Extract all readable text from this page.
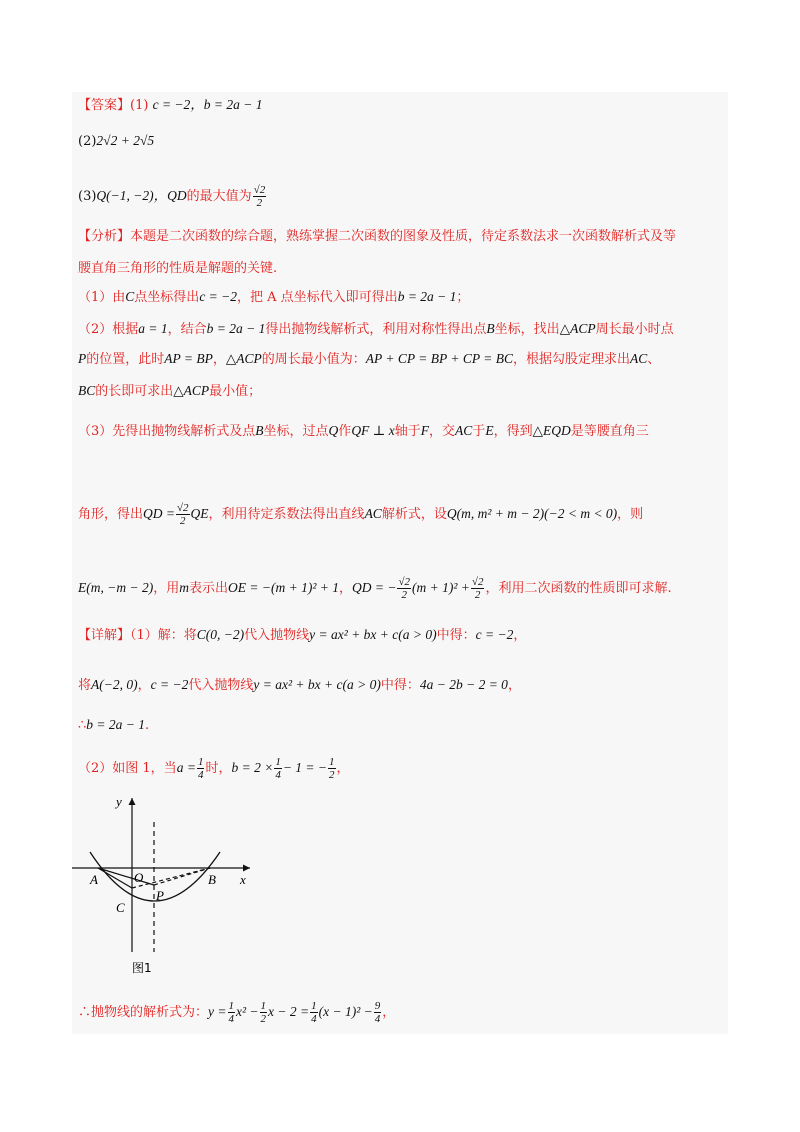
【答案】(1) c = −2，b = 2a − 1
(2)2√2 + 2√5
(3)Q(−1, −2)，QD的最大值为 $\frac{√2}{2}$
【分析】本题是二次函数的综合题，熟练掌握二次函数的图象及性质，待定系数法求一次函数解析式及等
腰直角三角形的性质是解题的关键.
（1）由C点坐标得出c = −2，把 A 点坐标代入即可得出b = 2a − 1；
（2）根据a = 1，结合b = 2a − 1得出抛物线解析式，利用对称性得出点B坐标，找出△ACP周长最小时点
P的位置，此时AP = BP，△ACP的周长最小值为：AP + CP = BP + CP = BC，根据勾股定理求出AC、
BC的长即可求出△ACP最小值；
（3）先得出抛物线解析式及点B坐标，过点Q作QF ⊥ x轴于F，交AC于E，得到△EQD是等腰直角三
角形，得出QD = $\frac{√2}{2}$ QE，利用待定系数法得出直线AC解析式，设Q(m, m² + m − 2)(−2 < m < 0)，则
E(m, −m − 2)，用m表示出OE = −(m + 1)² + 1，QD = − $\frac{√2}{2} (m + 1)^2 + \frac{√2}{2}$ ，利用二次函数的性质即可求解.
【详解】（1）解：将C(0, −2)代入抛物线y = ax² + bx + c(a > 0)中得：c = −2，
将A(−2, 0)，c = −2代入抛物线y = ax² + bx + c(a > 0)中得：4a − 2b − 2 = 0，
∴b = 2a − 1.
（2）如图 1，当$a = \frac{1}{4}$ 时，$b = 2 \times \frac{1}{4} - 1$ = − $\frac{1}{2}$ ，
y
x
A	O	B
C
P
图1
∴抛物线的解析式为：$y = \frac{1}{4} x^2 - \frac{1}{2}$ $x - 2 = \frac{1}{4} (x - 1)^2 - \frac{9}{4}$ ，
